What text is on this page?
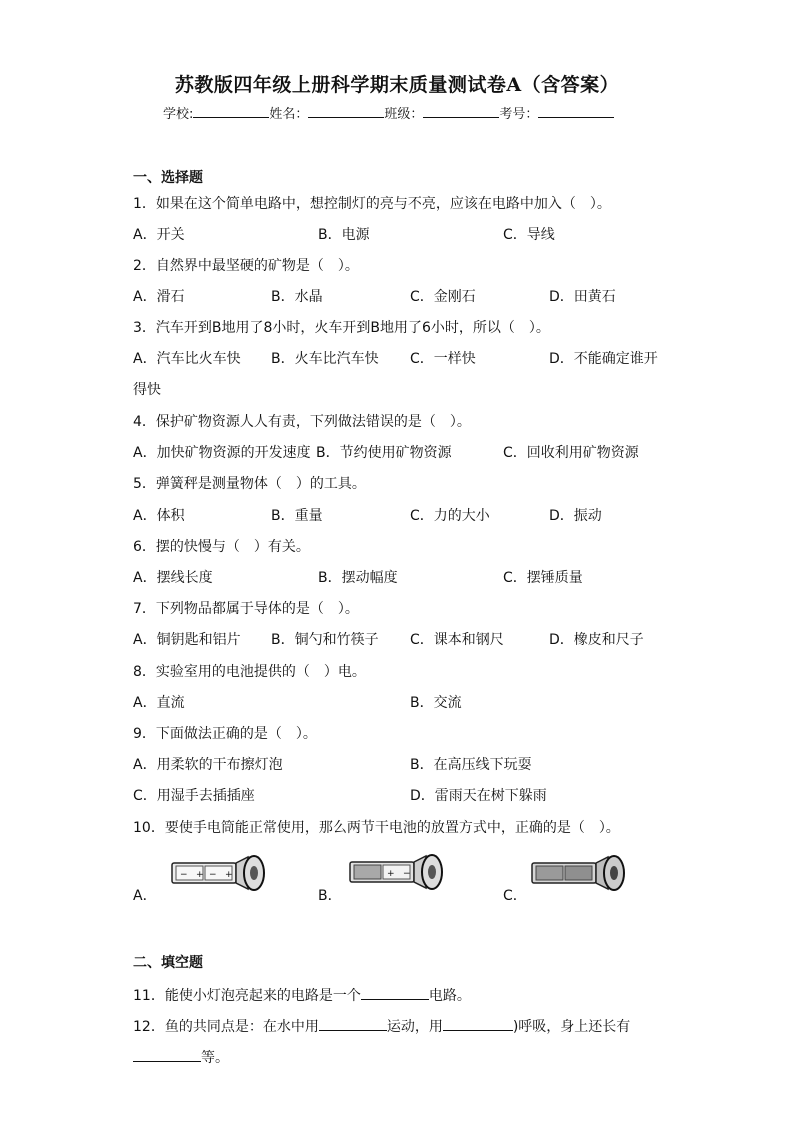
苏教版四年级上册科学期末质量测试卷A（含答案）
学校:	姓名：	班级：	考号：
一、选择题
1．如果在这个简单电路中，想控制灯的亮与不亮，应该在电路中加入（　）。
A．开关	B．电源	C．导线
2．自然界中最坚硬的矿物是（　）。
A．滑石	B．水晶	C．金刚石	D．田黄石
3．汽车开到B地用了8小时，火车开到B地用了6小时，所以（　）。
A．汽车比火车快 B．火车比汽车快 C．一样快	D．不能确定谁开
得快
4．保护矿物资源人人有责，下列做法错误的是（　）。
A．加快矿物资源的开发速度 B．节约使用矿物资源	C．回收利用矿物资源
5．弹簧秤是测量物体（　）的工具。
A．体积	B．重量	C．力的大小	D．振动
6．摆的快慢与（　）有关。
A．摆线长度	B．摆动幅度	C．摆锤质量
7．下列物品都属于导体的是（　）。
A．铜钥匙和铝片 B．铜勺和竹筷子 C．课本和钢尺	D．橡皮和尺子
8．实验室用的电池提供的（　）电。
A．直流	B．交流
9．下面做法正确的是（　）。
A．用柔软的干布擦灯泡	B．在高压线下玩耍
C．用湿手去插插座	D．雷雨天在树下躲雨
10．要使手电筒能正常使用，那么两节干电池的放置方式中，正确的是（　）。
A．
− + − +
B．
+ −
C．
二、填空题
11．能使小灯泡亮起来的电路是一个	电路。
12．鱼的共同点是：在水中用	运动，用	)呼吸，身上还长有
等。
